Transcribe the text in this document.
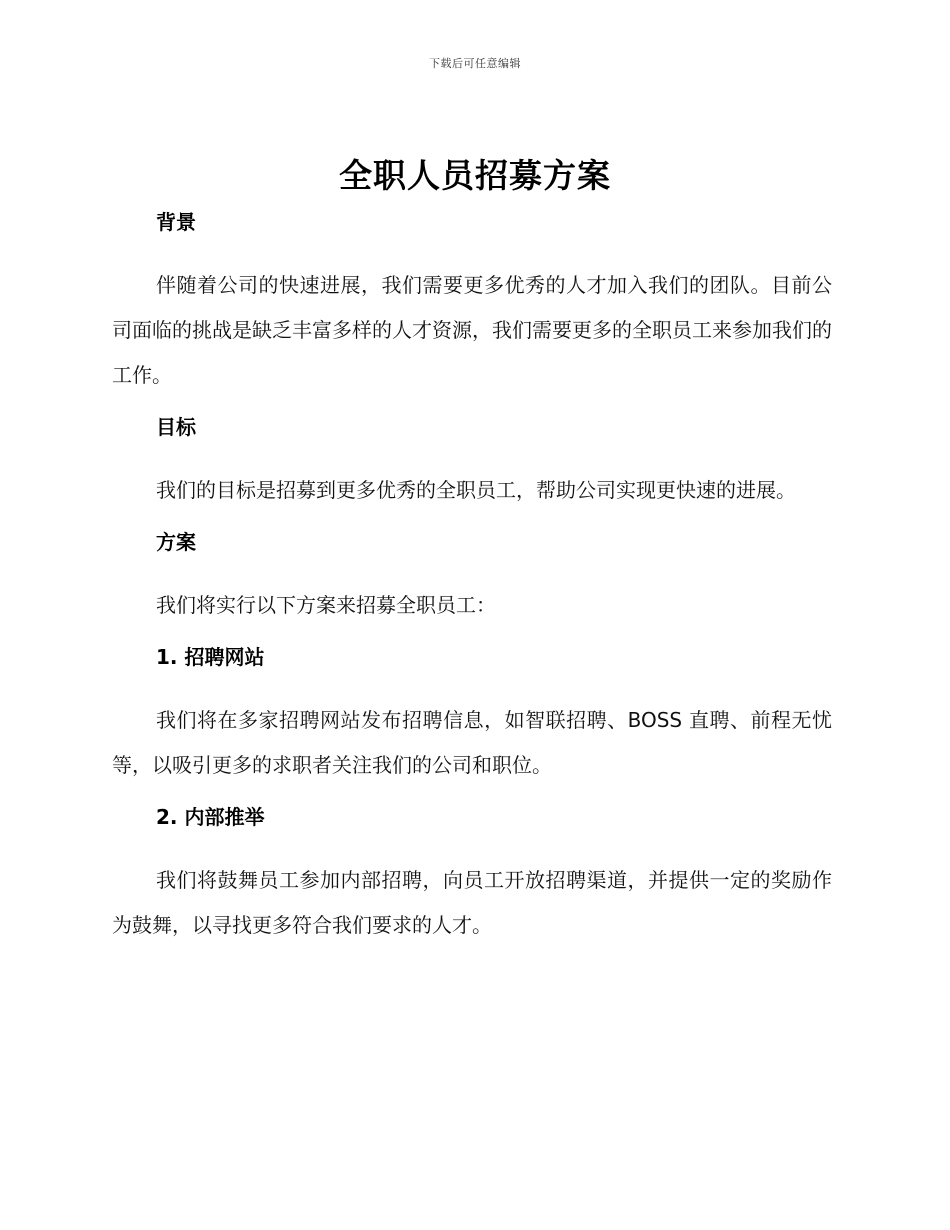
下载后可任意编辑
全职人员招募方案
背景

伴随着公司的快速进展，我们需要更多优秀的人才加入我们的团队。目前公司面临的挑战是缺乏丰富多样的人才资源，我们需要更多的全职员工来参加我们的工作。

目标

我们的目标是招募到更多优秀的全职员工，帮助公司实现更快速的进展。

方案

我们将实行以下方案来招募全职员工：

1. 招聘网站

我们将在多家招聘网站发布招聘信息，如智联招聘、BOSS 直聘、前程无忧等，以吸引更多的求职者关注我们的公司和职位。

2. 内部推举

我们将鼓舞员工参加内部招聘，向员工开放招聘渠道，并提供一定的奖励作为鼓舞，以寻找更多符合我们要求的人才。
